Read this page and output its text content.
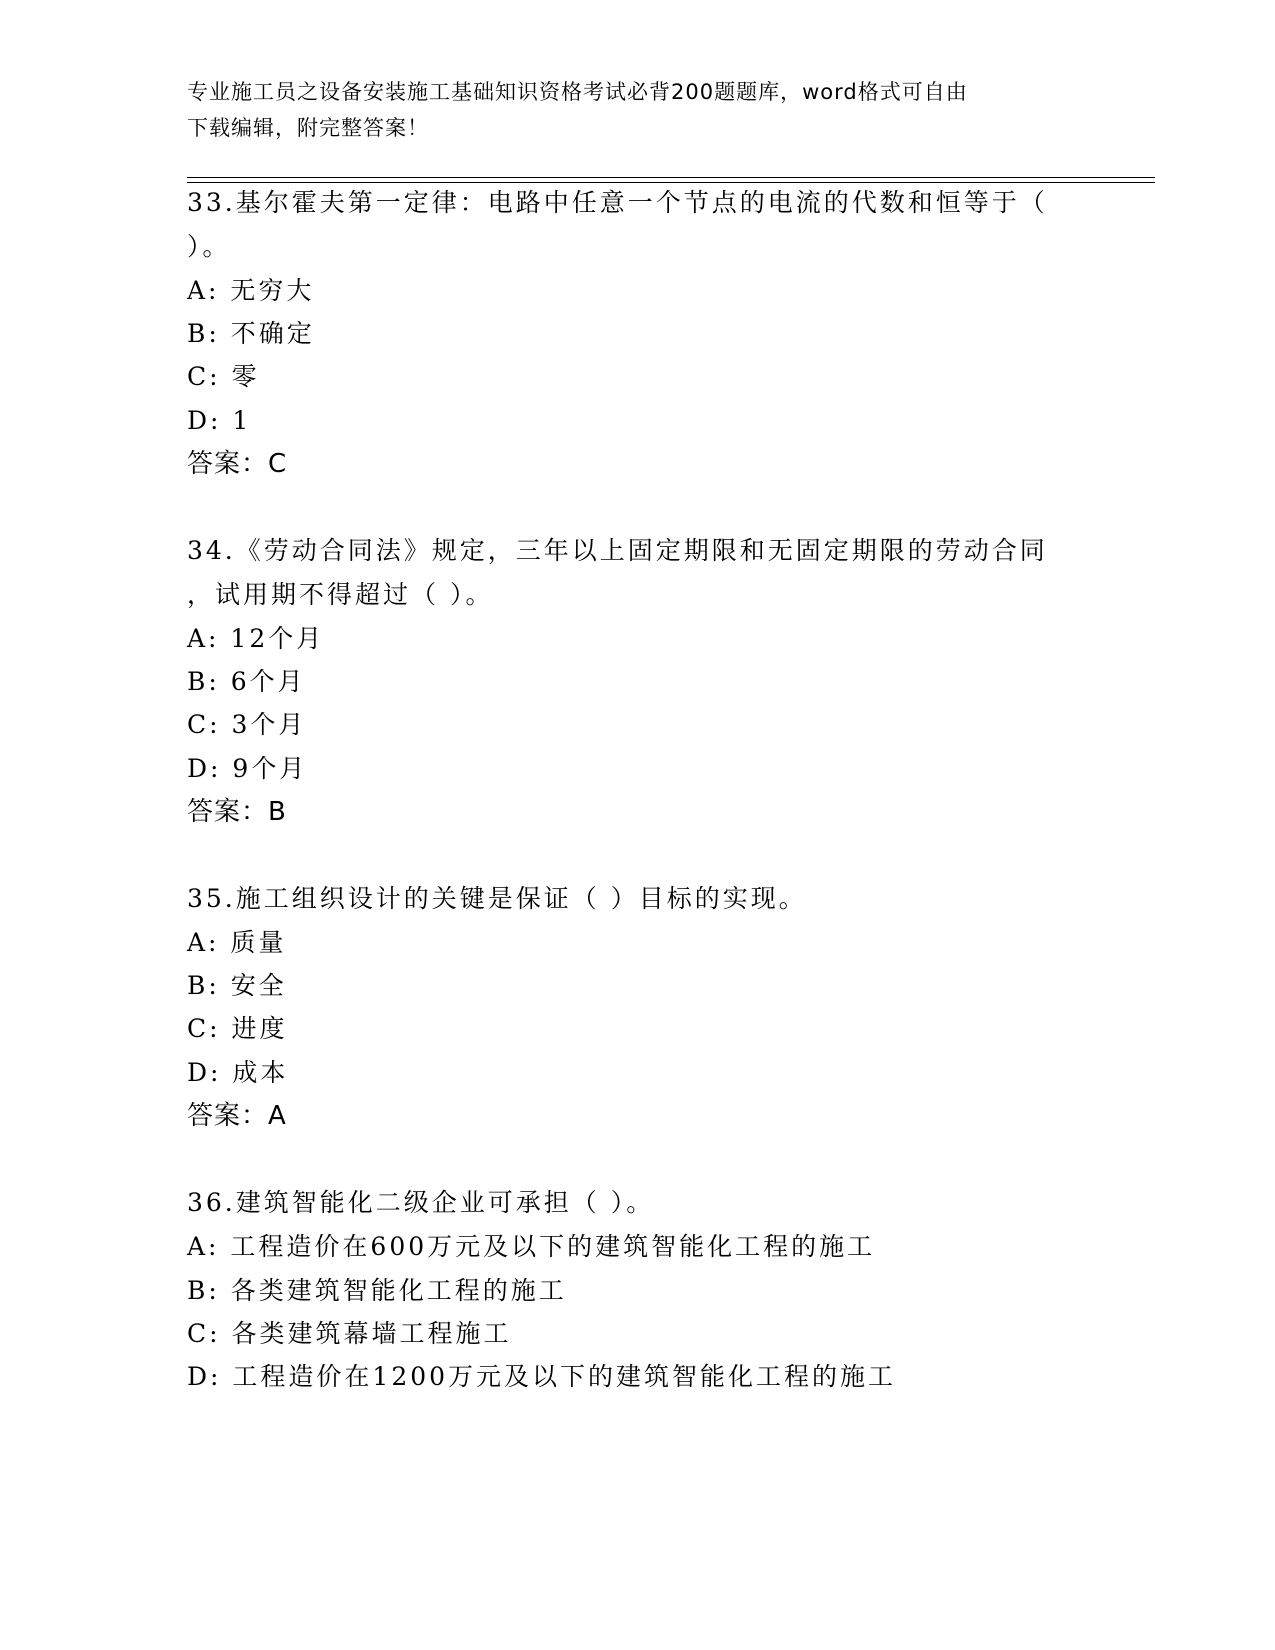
专业施工员之设备安装施工基础知识资格考试必背200题题库，word格式可自由
下载编辑，附完整答案！
33.基尔霍夫第一定律：电路中任意一个节点的电流的代数和恒等于（
）。
A: 无穷大
B: 不确定
C: 零
D: 1
答案：C
34.《劳动合同法》规定，三年以上固定期限和无固定期限的劳动合同
，试用期不得超过（ ）。
A: 12个月
B: 6个月
C: 3个月
D: 9个月
答案：B
35.施工组织设计的关键是保证（ ）目标的实现。
A: 质量
B: 安全
C: 进度
D: 成本
答案：A
36.建筑智能化二级企业可承担（ ）。
A: 工程造价在600万元及以下的建筑智能化工程的施工
B: 各类建筑智能化工程的施工
C: 各类建筑幕墙工程施工
D: 工程造价在1200万元及以下的建筑智能化工程的施工
